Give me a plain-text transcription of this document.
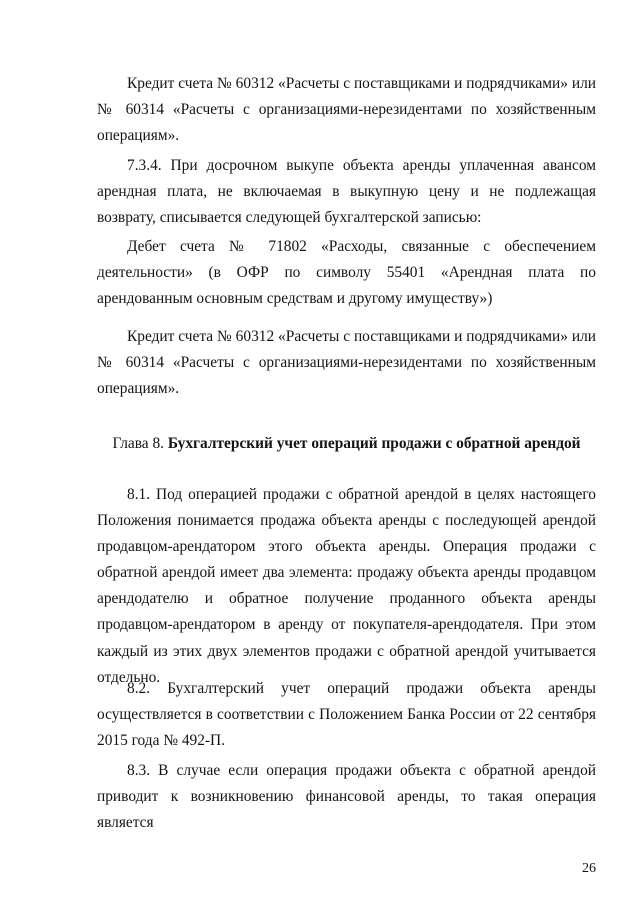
Кредит счета № 60312 «Расчеты с поставщиками и подрядчиками» или № 60314 «Расчеты с организациями-нерезидентами по хозяйственным операциям».

7.3.4. При досрочном выкупе объекта аренды уплаченная авансом арендная плата, не включаемая в выкупную цену и не подлежащая возврату, списывается следующей бухгалтерской записью:

Дебет счета № 71802 «Расходы, связанные с обеспечением деятельности» (в ОФР по символу 55401 «Арендная плата по арендованным основным средствам и другому имуществу»)

Кредит счета № 60312 «Расчеты с поставщиками и подрядчиками» или № 60314 «Расчеты с организациями-нерезидентами по хозяйственным операциям».

Глава 8. Бухгалтерский учет операций продажи с обратной арендой

8.1. Под операцией продажи с обратной арендой в целях настоящего Положения понимается продажа объекта аренды с последующей арендой продавцом-арендатором этого объекта аренды. Операция продажи с обратной арендой имеет два элемента: продажу объекта аренды продавцом арендодателю и обратное получение проданного объекта аренды продавцом-арендатором в аренду от покупателя-арендодателя. При этом каждый из этих двух элементов продажи с обратной арендой учитывается отдельно.

8.2. Бухгалтерский учет операций продажи объекта аренды осуществляется в соответствии с Положением Банка России от 22 сентября 2015 года № 492-П.

8.3. В случае если операция продажи объекта с обратной арендой приводит к возникновению финансовой аренды, то такая операция является

26
